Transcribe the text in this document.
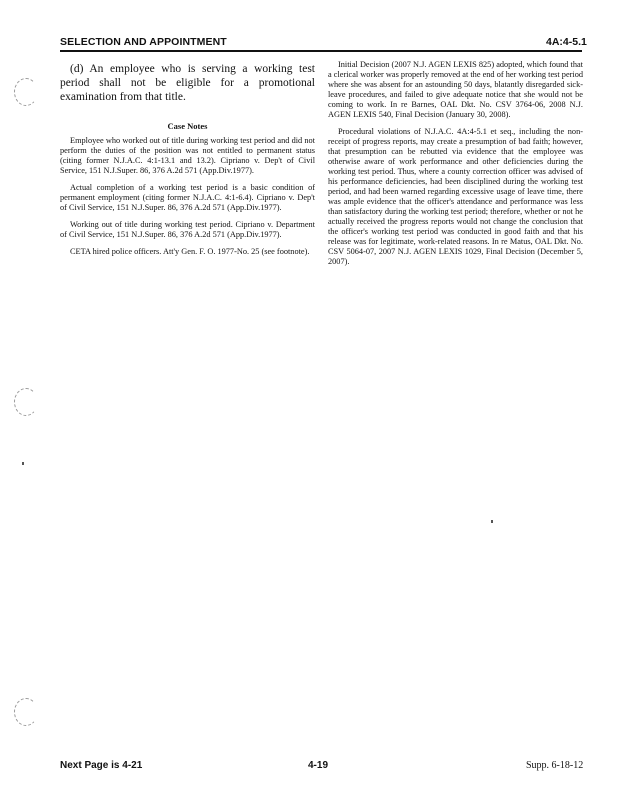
SELECTION AND APPOINTMENT	4A:4-5.1

(d) An employee who is serving a working test period shall not be eligible for a promotional examination from that title.

Case Notes

Employee who worked out of title during working test period and did not perform the duties of the position was not entitled to permanent status (citing former N.J.A.C. 4:1-13.1 and 13.2). Cipriano v. Dep't of Civil Service, 151 N.J.Super. 86, 376 A.2d 571 (App.Div.1977).

Actual completion of a working test period is a basic condition of permanent employment (citing former N.J.A.C. 4:1-6.4). Cipriano v. Dep't of Civil Service, 151 N.J.Super. 86, 376 A.2d 571 (App.Div.1977).

Working out of title during working test period. Cipriano v. Department of Civil Service, 151 N.J.Super. 86, 376 A.2d 571 (App.Div.1977).

CETA hired police officers. Att'y Gen. F. O. 1977-No. 25 (see footnote).

Initial Decision (2007 N.J. AGEN LEXIS 825) adopted, which found that a clerical worker was properly removed at the end of her working test period where she was absent for an astounding 50 days, blatantly disregarded sick-leave procedures, and failed to give adequate notice that she would not be coming to work. In re Barnes, OAL Dkt. No. CSV 3764-06, 2008 N.J. AGEN LEXIS 540, Final Decision (January 30, 2008).

Procedural violations of N.J.A.C. 4A:4-5.1 et seq., including the non-receipt of progress reports, may create a presumption of bad faith; however, that presumption can be rebutted via evidence that the employee was otherwise aware of work performance and other deficiencies during the working test period. Thus, where a county correction officer was advised of his performance deficiencies, had been disciplined during the working test period, and had been warned regarding excessive usage of leave time, there was ample evidence that the officer's attendance and performance was less than satisfactory during the working test period; therefore, whether or not he actually received the progress reports would not change the conclusion that the officer's working test period was conducted in good faith and that his release was for legitimate, work-related reasons. In re Matus, OAL Dkt. No. CSV 5064-07, 2007 N.J. AGEN LEXIS 1029, Final Decision (December 5, 2007).

Next Page is 4-21	4-19	Supp. 6-18-12
